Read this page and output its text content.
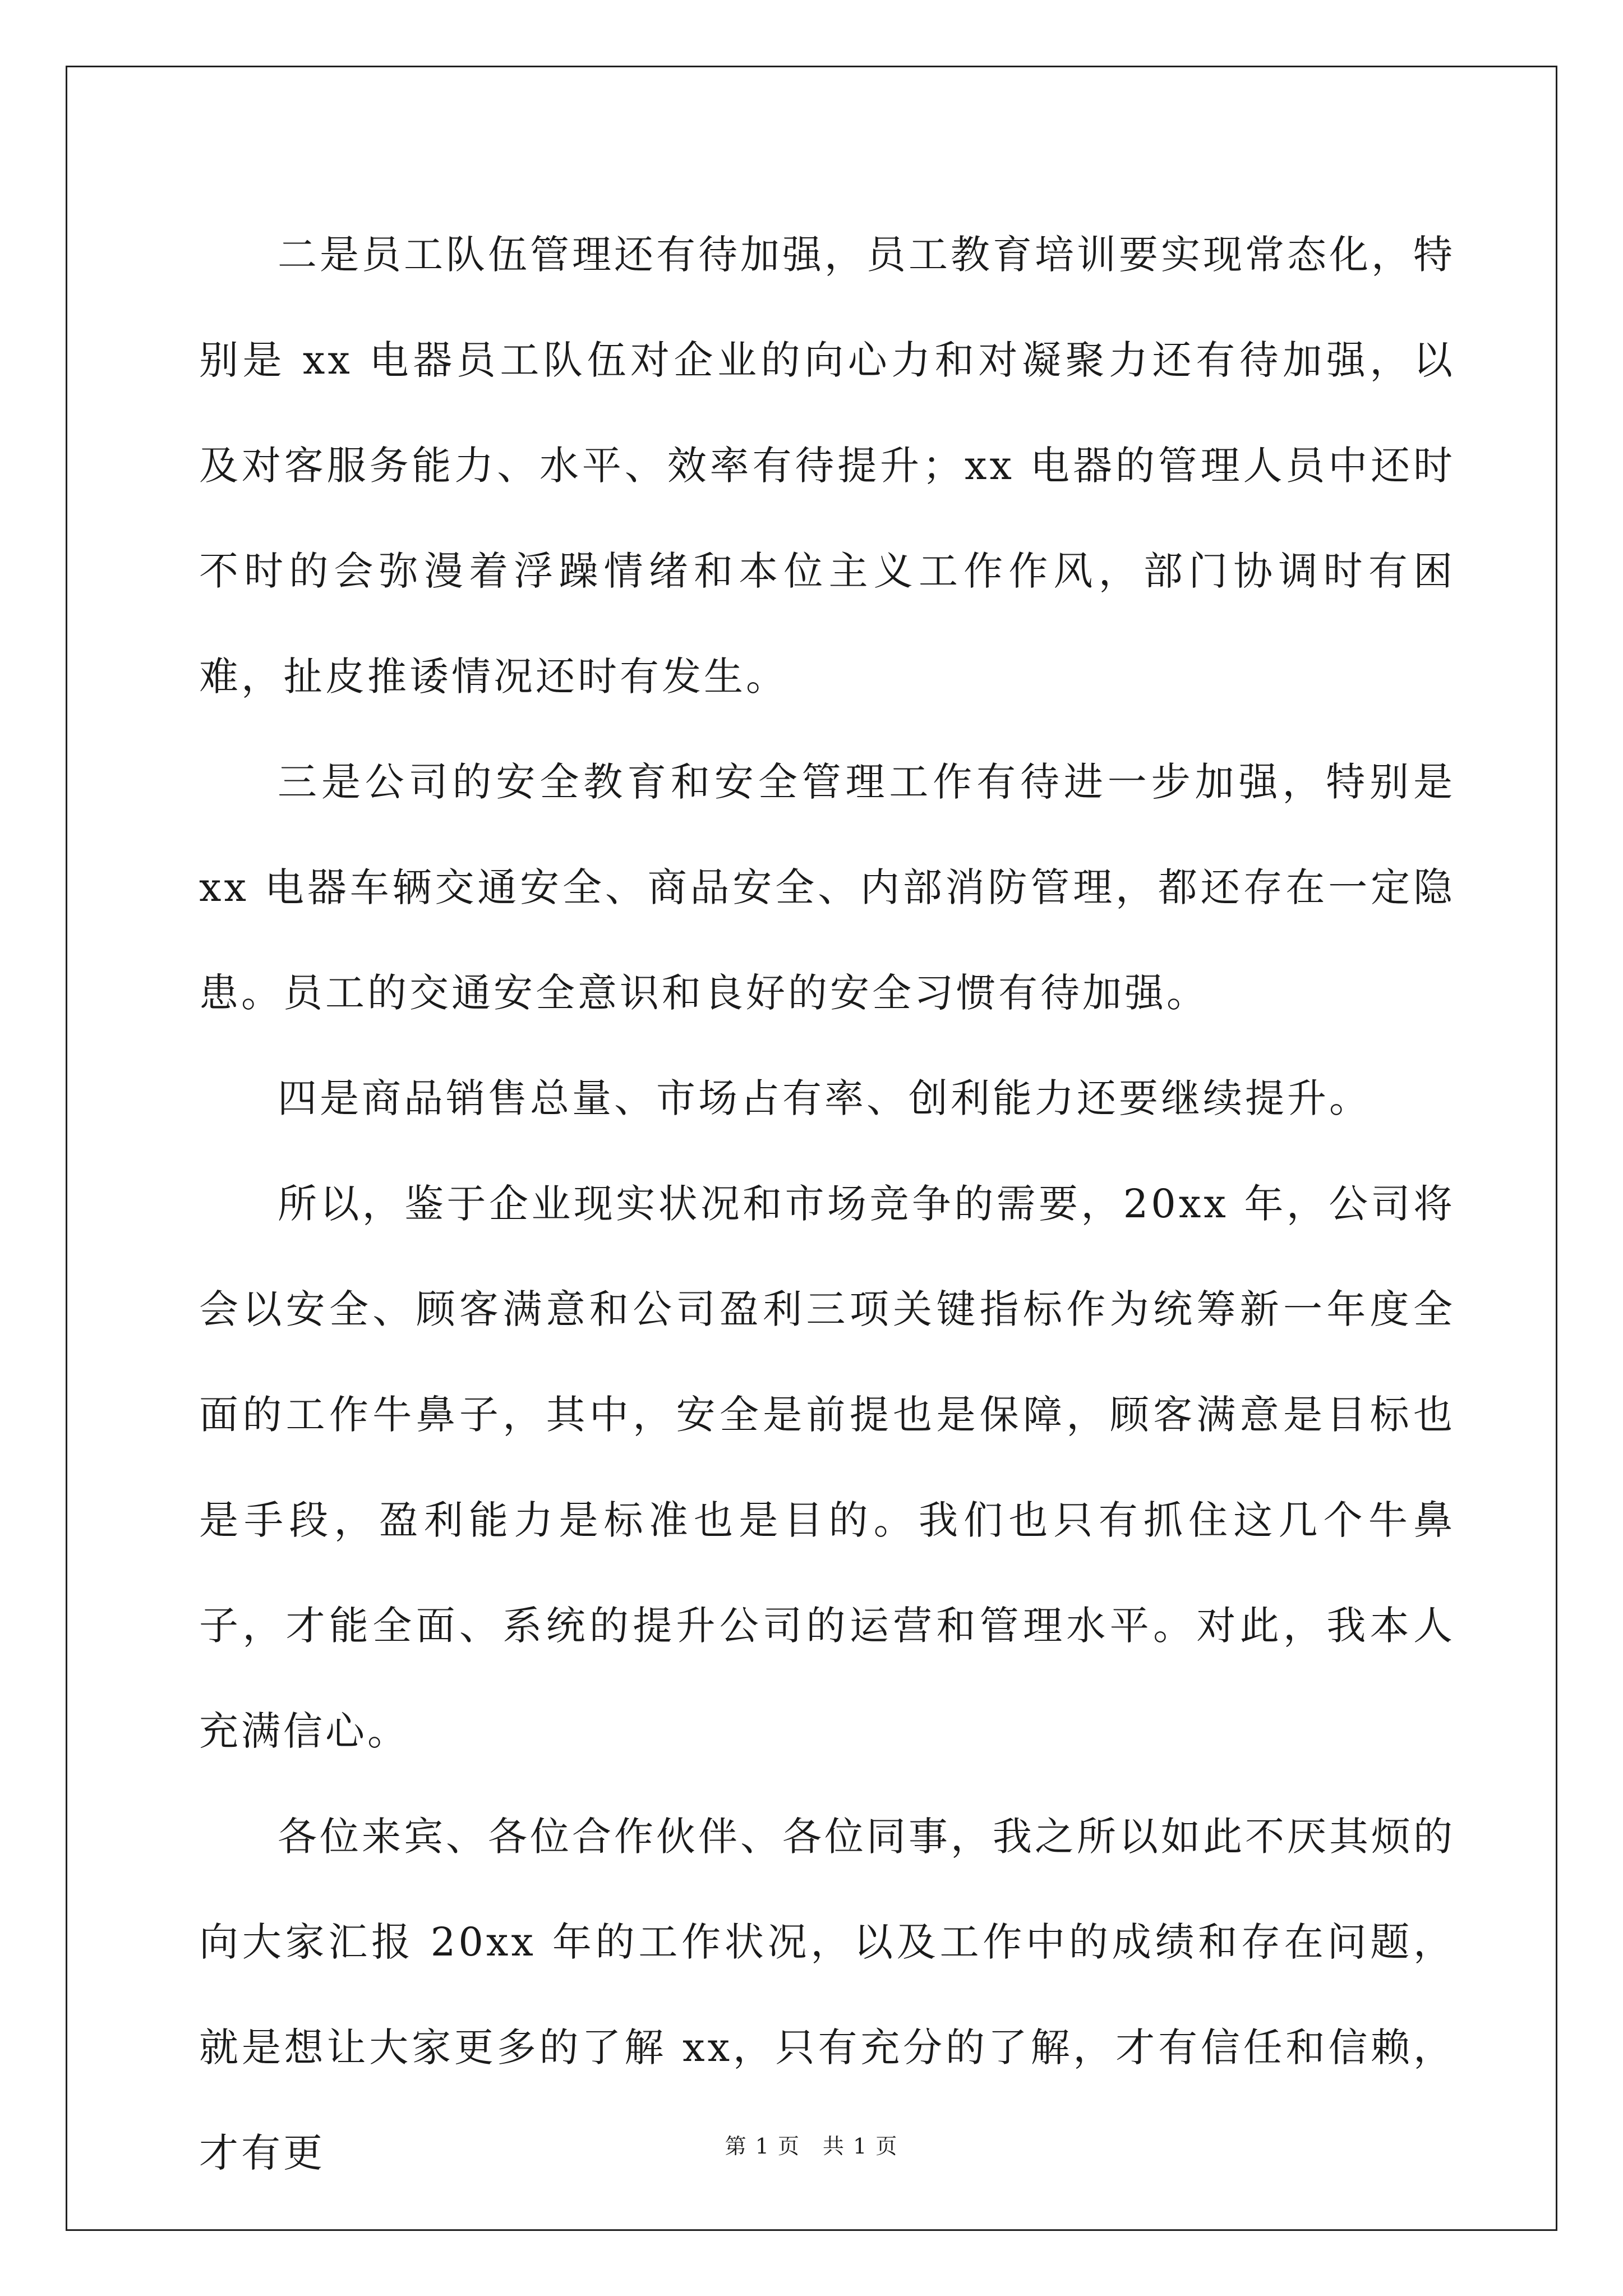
二是员工队伍管理还有待加强，员工教育培训要实现常态化，特别是 xx 电器员工队伍对企业的向心力和对凝聚力还有待加强，以及对客服务能力、水平、效率有待提升；xx 电器的管理人员中还时不时的会弥漫着浮躁情绪和本位主义工作作风，部门协调时有困难，扯皮推诿情况还时有发生。

三是公司的安全教育和安全管理工作有待进一步加强，特别是 xx 电器车辆交通安全、商品安全、内部消防管理，都还存在一定隐患。员工的交通安全意识和良好的安全习惯有待加强。

四是商品销售总量、市场占有率、创利能力还要继续提升。

所以，鉴于企业现实状况和市场竞争的需要，20xx 年，公司将会以安全、顾客满意和公司盈利三项关键指标作为统筹新一年度全面的工作牛鼻子，其中，安全是前提也是保障，顾客满意是目标也是手段，盈利能力是标准也是目的。我们也只有抓住这几个牛鼻子，才能全面、系统的提升公司的运营和管理水平。对此，我本人充满信心。

各位来宾、各位合作伙伴、各位同事，我之所以如此不厌其烦的向大家汇报 20xx 年的工作状况，以及工作中的成绩和存在问题，就是想让大家更多的了解 xx，只有充分的了解，才有信任和信赖，才有更	第 1 页　共 1 页
